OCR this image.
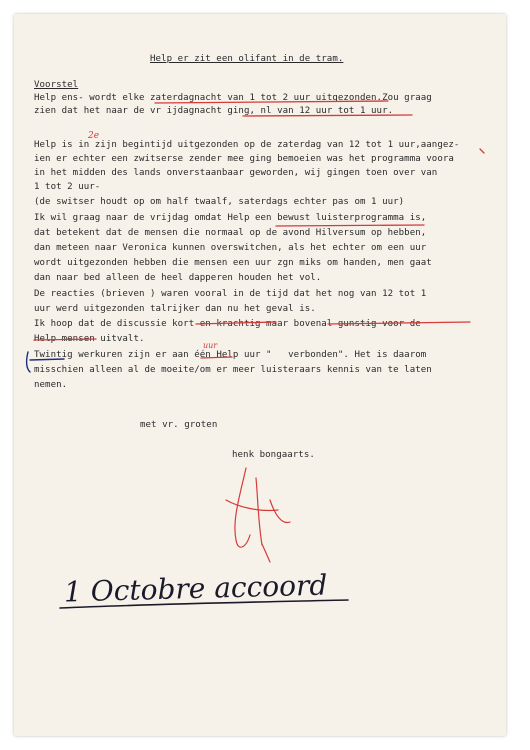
Help er zit een olifant in de tram.
Voorstel
Help ens- wordt elke zaterdagnacht van 1 tot 2 uur uitgezonden.Zou graag
zien dat het naar de vr ijdagnacht ging, nl van 12 uur tot 1 uur.
Help is in zijn begintijd uitgezonden op de zaterdag van 12 tot 1 uur,aangez-
ien er echter een zwitserse zender mee ging bemoeien was het programma voora
in het midden des lands onverstaanbaar geworden, wij gingen toen over van
1 tot 2 uur-
(de switser houdt op om half twaalf, saterdags echter pas om 1 uur)
Ik wil graag naar de vrijdag omdat Help een bewust luisterprogramma is,
dat betekent dat de mensen die normaal op de avond Hilversum op hebben,
dan meteen naar Veronica kunnen overswitchen, als het echter om een uur
wordt uitgezonden hebben die mensen een uur zgn miks om handen, men gaat
dan naar bed alleen de heel dapperen houden het vol.
De reacties (brieven ) waren vooral in de tijd dat het nog van 12 tot 1
uur werd uitgezonden talrijker dan nu het geval is.
Ik hoop dat de discussie kort en krachtig maar bovenal gunstig voor de
Help mensen uitvalt.
Twintig werkuren zijn er aan één Help uur "   verbonden". Het is daarom
misschien alleen al de moeite/om er meer luisteraars kennis van te laten
nemen.
met vr. groten
henk bongaarts.
2e
uur
1 Octobre accoord
